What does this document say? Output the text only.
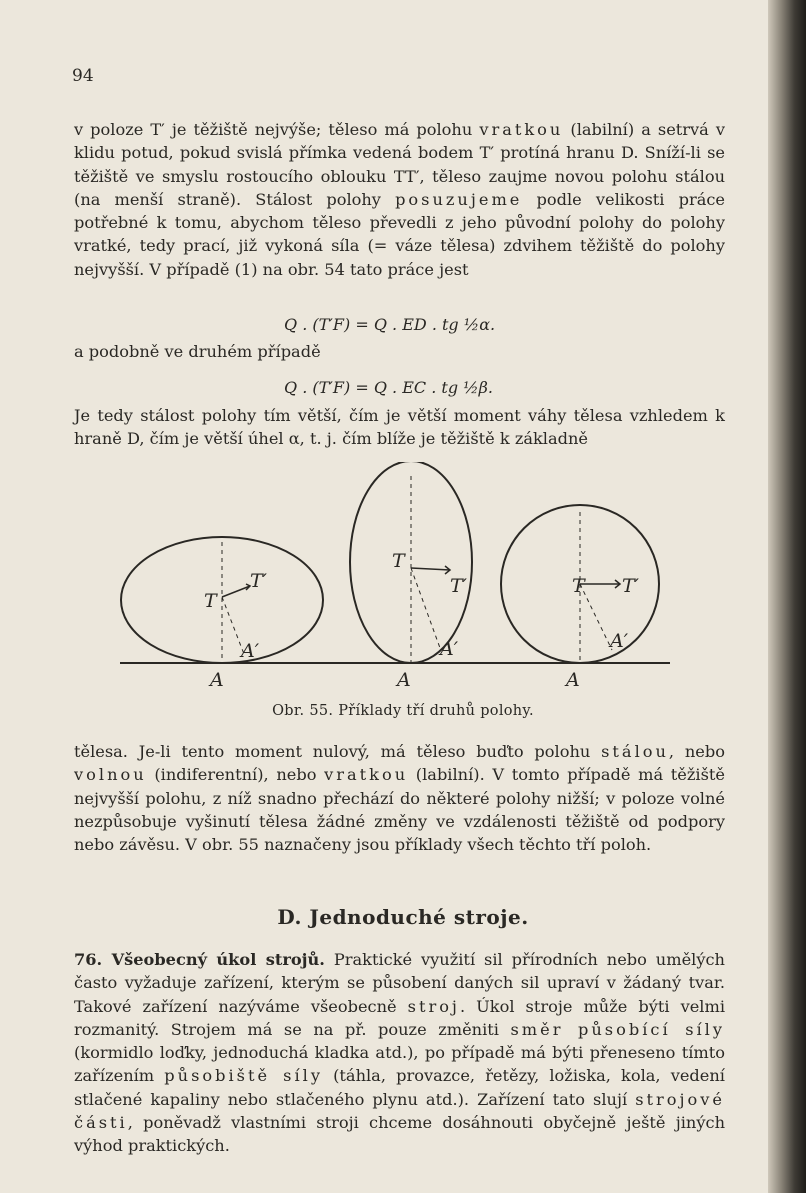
94

v poloze T′ je těžiště nejvýše; těleso má polohu vratkou (labilní) a setrvá v klidu potud, pokud svislá přímka vedená bodem T′ protíná hranu D. Sníží-li se těžiště ve smyslu rostoucího oblouku TT′, těleso zaujme novou polohu stálou (na menší straně). Stálost polohy posuzujeme podle velikosti práce potřebné k tomu, abychom těleso převedli z jeho původní polohy do polohy vratké, tedy prací, již vykoná síla (= váze tělesa) zdvihem těžiště do polohy nejvyšší. V případě (1) na obr. 54 tato práce jest

Q . (T′F) = Q . ED . tg ½α.

a podobně ve druhém případě

Q . (T′F) = Q . EC . tg ½β.

Je tedy stálost polohy tím větší, čím je větší moment váhy tělesa vzhledem k hraně D, čím je větší úhel α, t. j. čím blíže je těžiště k základně

T
T′
A′
A
T
T′
A′
A
T T′
A′
A
Obr. 55. Příklady tří druhů polohy.

tělesa. Je-li tento moment nulový, má těleso buďto polohu stálou, nebo volnou (indiferentní), nebo vratkou (labilní). V tomto případě má těžiště nejvyšší polohu, z níž snadno přechází do některé polohy nižší; v poloze volné nezpůsobuje vyšinutí tělesa žádné změny ve vzdálenosti těžiště od podpory nebo závěsu. V obr. 55 naznačeny jsou příklady všech těchto tří poloh.

D. Jednoduché stroje.

76. Všeobecný úkol strojů. Praktické využití sil přírodních nebo umělých často vyžaduje zařízení, kterým se působení daných sil upraví v žádaný tvar. Takové zařízení nazýváme všeobecně stroj. Úkol stroje může býti velmi rozmanitý. Strojem má se na př. pouze změniti směr působící síly (kormidlo loďky, jednoduchá kladka atd.), po případě má býti přeneseno tímto zařízením působiště síly (táhla, provazce, řetězy, ložiska, kola, vedení stlačené kapaliny nebo stlačeného plynu atd.). Zařízení tato slují strojové části, poněvadž vlastními stroji chceme dosáhnouti obyčejně ještě jiných výhod praktických.
